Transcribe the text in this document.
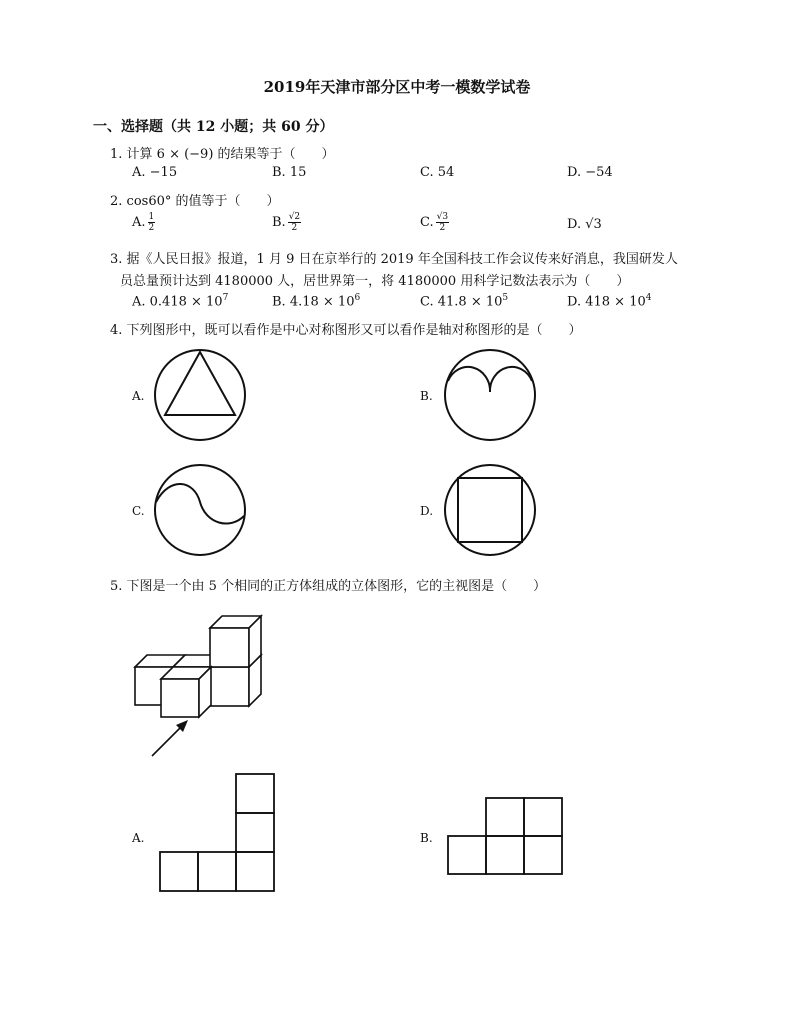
2019年天津市部分区中考一模数学试卷
一、选择题（共 12 小题；共 60 分）
1. 计算 6 × (−9) 的结果等于（　　）
A. −15	B. 15	C. 54	D. −54
2. cos60° 的值等于（　　）
A. $\frac{1}{2}$	B. $\frac{√2}{2}$	C. $\frac{√3}{2}$	D. √3
3. 据《人民日报》报道，1 月 9 日在京举行的 2019 年全国科技工作会议传来好消息，我国研发人
员总量预计达到 4180000 人，居世界第一，将 4180000 用科学记数法表示为（　　）
A. $0.418 \times 10^7$	B. $4.18 \times 10^6$	C. $41.8 \times 10^5$	D. $418 \times 10^4$
4. 下列图形中，既可以看作是中心对称图形又可以看作是轴对称图形的是（　　）
A.	B.
C.	D.
5. 下图是一个由 5 个相同的正方体组成的立体图形，它的主视图是（　　）
A.	B.
